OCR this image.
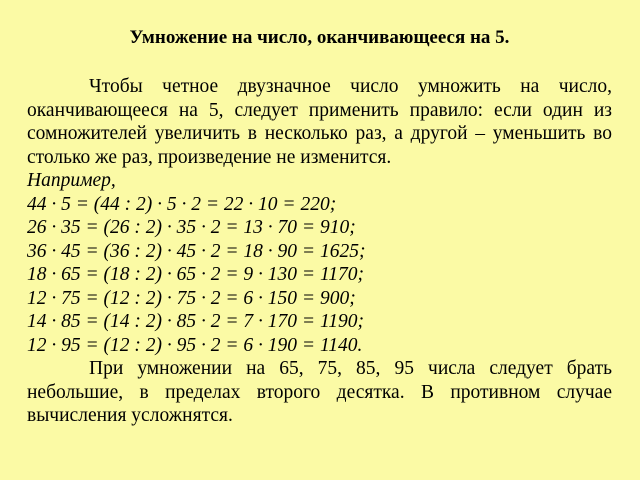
Умножение на число, оканчивающееся на 5.

Чтобы четное двузначное число умножить на число, оканчивающееся на 5, следует применить правило: если один из сомножителей увеличить в несколько раз, а другой – уменьшить во столько же раз, произведение не изменится.

Например,

44 · 5 = (44 : 2) · 5 · 2 = 22 · 10 = 220;
26 · 35 = (26 : 2) · 35 · 2 = 13 · 70 = 910;
36 · 45 = (36 : 2) · 45 · 2 = 18 · 90 = 1625;
18 · 65 = (18 : 2) · 65 · 2 = 9 · 130 = 1170;
12 · 75 = (12 : 2) · 75 · 2 = 6 · 150 = 900;
14 · 85 = (14 : 2) · 85 · 2 = 7 · 170 = 1190;
12 · 95 = (12 : 2) · 95 · 2 = 6 · 190 = 1140.

При умножении на 65, 75, 85, 95 числа следует брать небольшие, в пределах второго десятка. В противном случае вычисления усложнятся.
